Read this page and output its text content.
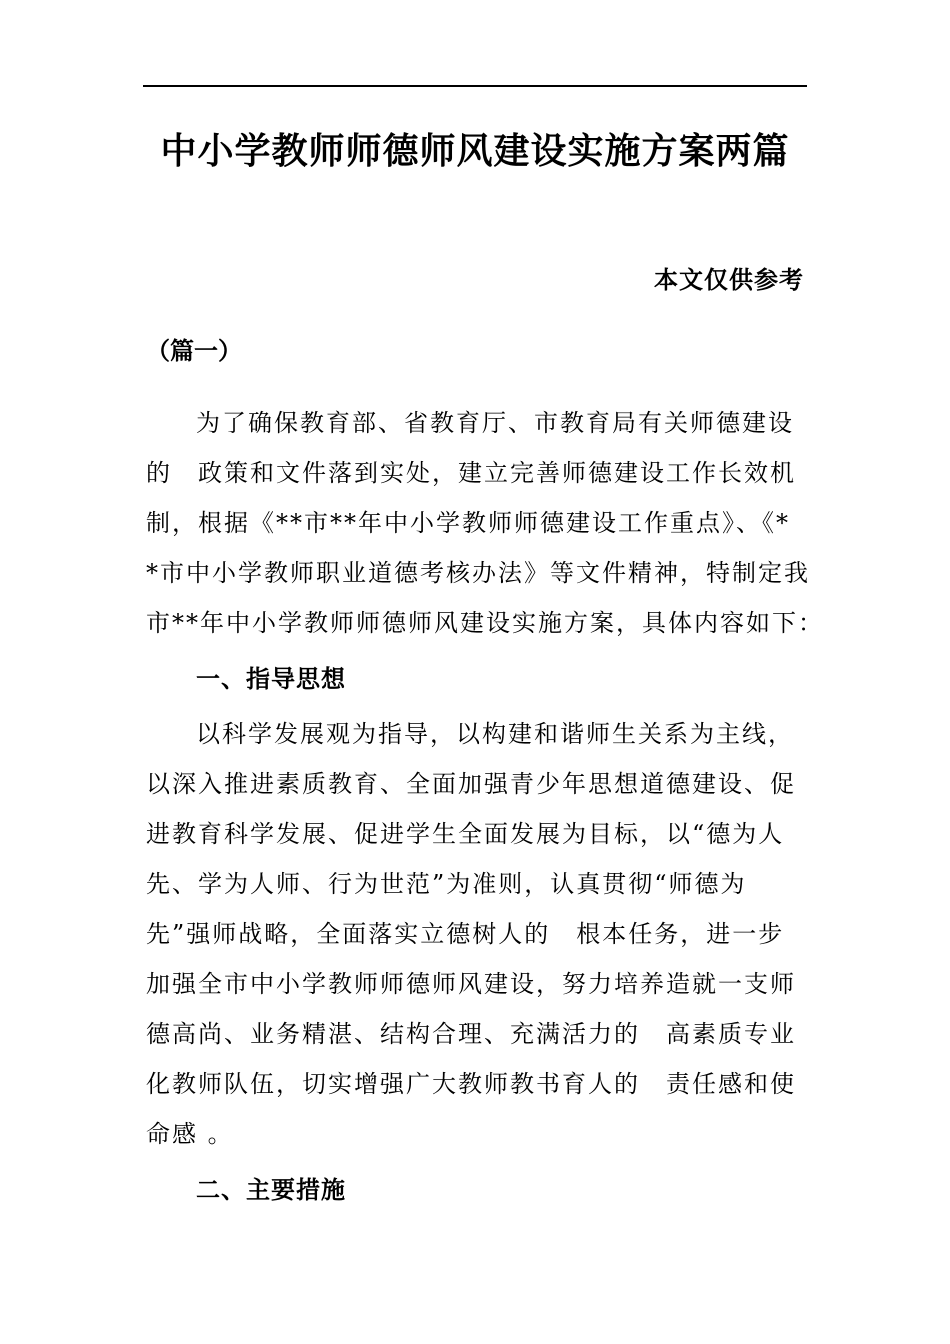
中小学教师师德师风建设实施方案两篇
本文仅供参考
（篇一）
为了确保教育部、省教育厅、市教育局有关师德建设
的　政策和文件落到实处，建立完善师德建设工作长效机
制，根据《**市**年中小学教师师德建设工作重点》、《*
*市中小学教师职业道德考核办法》等文件精神，特制定我
市**年中小学教师师德师风建设实施方案，具体内容如下：
一、指导思想
以科学发展观为指导，以构建和谐师生关系为主线，
以深入推进素质教育、全面加强青少年思想道德建设、促
进教育科学发展、促进学生全面发展为目标，以“德为人
先、学为人师、行为世范”为准则，认真贯彻“师德为
先”强师战略，全面落实立德树人的　根本任务，进一步
加强全市中小学教师师德师风建设，努力培养造就一支师
德高尚、业务精湛、结构合理、充满活力的　高素质专业
化教师队伍，切实增强广大教师教书育人的　责任感和使
命感 。
二、主要措施
